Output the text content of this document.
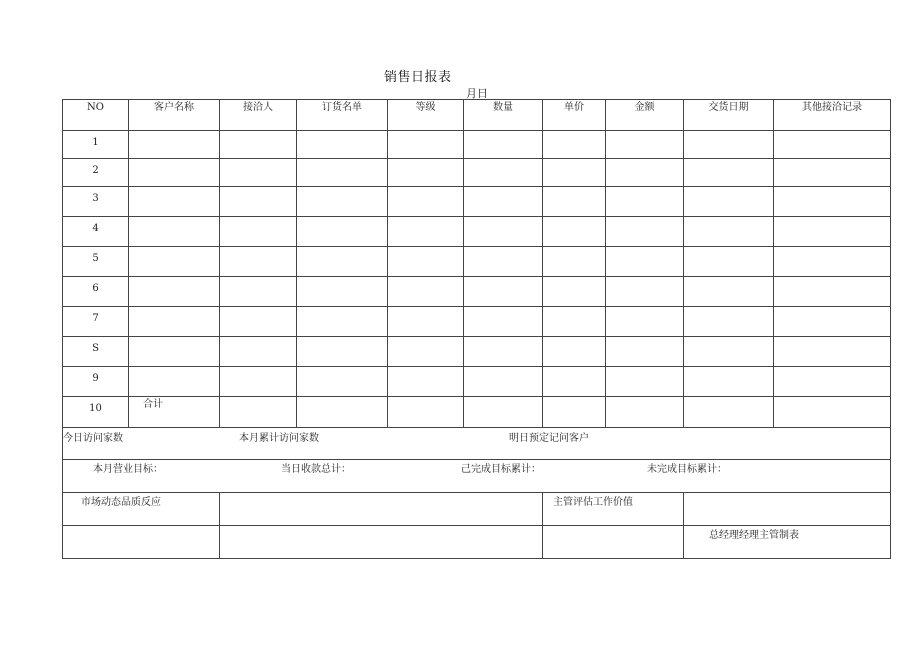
销售日报表
月日
NO	客户名称	接洽人	订货名单	等级	数量	单价	金额	交货日期	其他接洽记录
1									
2									
3									
4									
5									
6									
7									
S									
9									
10	合计								

今日访问家数 本月累计访问家数 明日预定记问客户									

本月营业目标： 当日收款总计： 己完成目标累计： 未完成目标累计：									

市场动态品质反应						主管评估工作价值			
								总经理经理主管制表	
